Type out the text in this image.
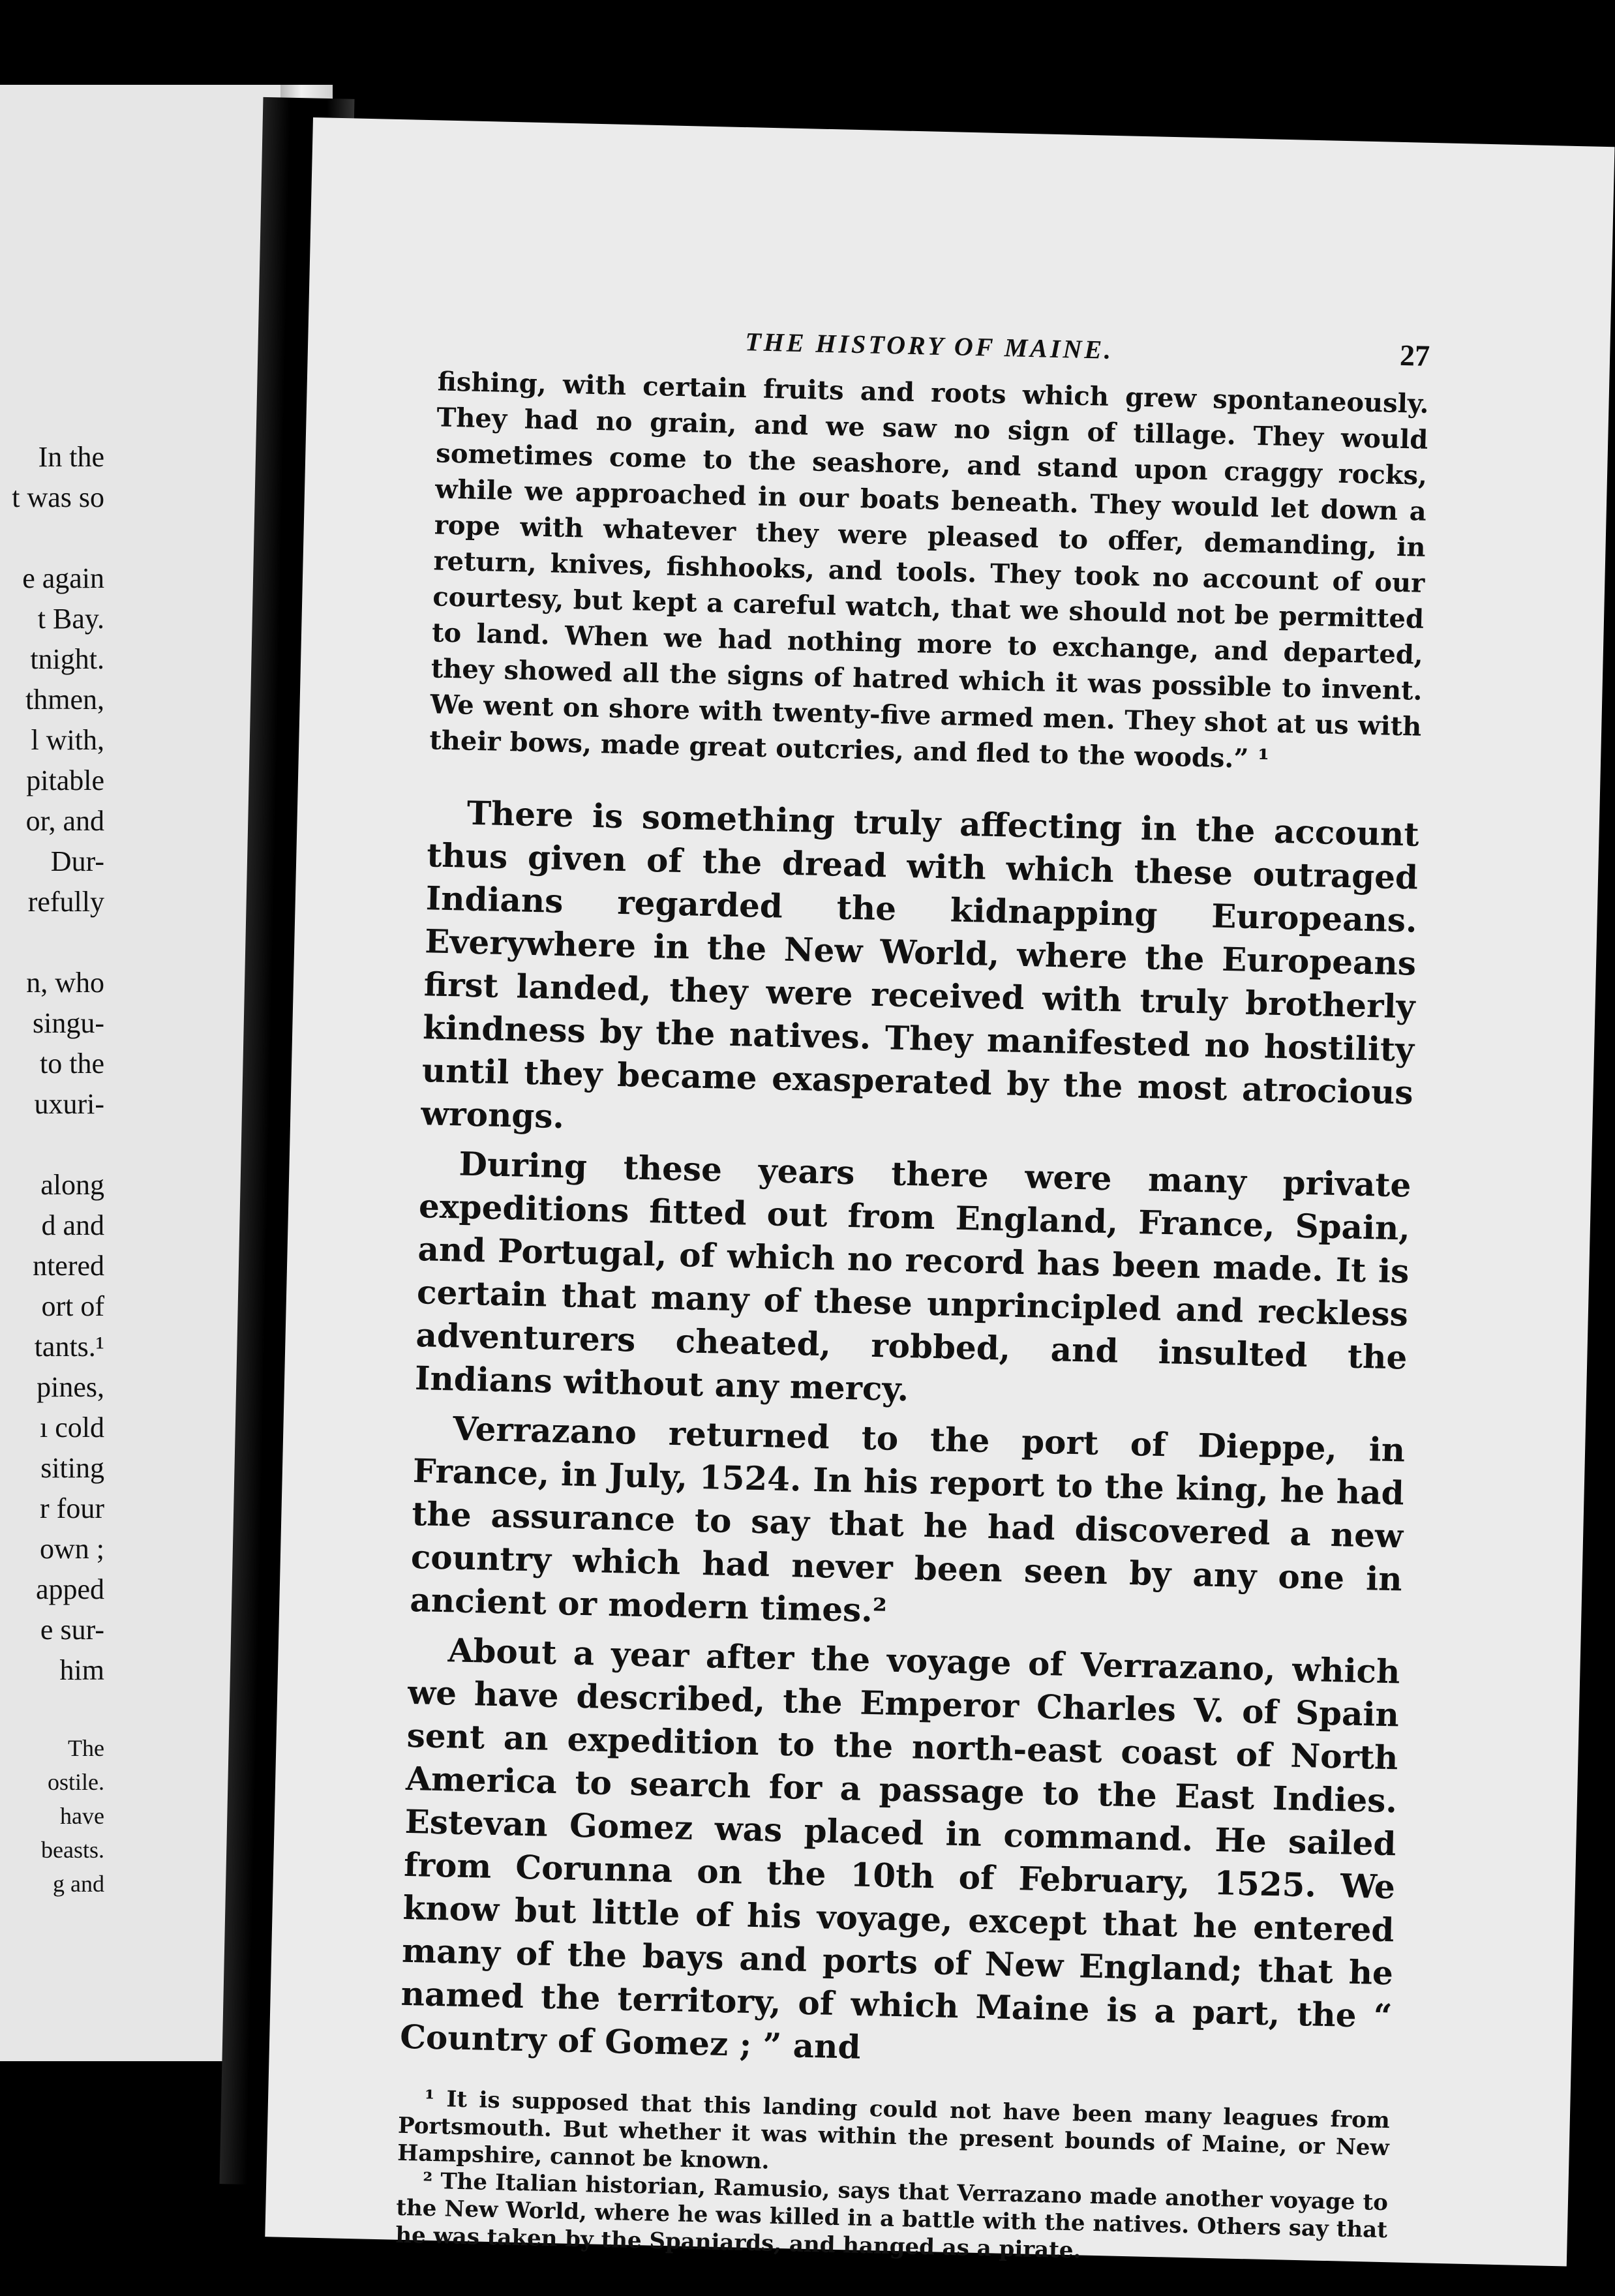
In the
t was so

e again
t Bay.
tnight.
thmen,
l with,
pitable
or, and
Dur-
refully

n, who
singu-
to the
uxuri-

along
d and
ntered
ort of
tants.¹
pines,
ı cold
siting
r four
own ;
apped
e sur-
him

The
ostile.
have
beasts.
g and
THE HISTORY OF MAINE.	27

fishing, with certain fruits and roots which grew spontaneously. They had no grain, and we saw no sign of tillage. They would sometimes come to the seashore, and stand upon craggy rocks, while we approached in our boats beneath. They would let down a rope with whatever they were pleased to offer, demanding, in return, knives, fishhooks, and tools. They took no account of our courtesy, but kept a careful watch, that we should not be permitted to land. When we had nothing more to exchange, and departed, they showed all the signs of hatred which it was possible to invent. We went on shore with twenty-five armed men. They shot at us with their bows, made great outcries, and fled to the woods.” ¹

There is something truly affecting in the account thus given of the dread with which these outraged Indians regarded the kidnapping Europeans. Everywhere in the New World, where the Europeans first landed, they were received with truly brotherly kindness by the natives. They manifested no hostility until they became exasperated by the most atrocious wrongs.

During these years there were many private expeditions fitted out from England, France, Spain, and Portugal, of which no record has been made. It is certain that many of these unprincipled and reckless adventurers cheated, robbed, and insulted the Indians without any mercy.

Verrazano returned to the port of Dieppe, in France, in July, 1524. In his report to the king, he had the assurance to say that he had discovered a new country which had never been seen by any one in ancient or modern times.²

About a year after the voyage of Verrazano, which we have described, the Emperor Charles V. of Spain sent an expedition to the north-east coast of North America to search for a passage to the East Indies. Estevan Gomez was placed in command. He sailed from Corunna on the 10th of February, 1525. We know but little of his voyage, except that he entered many of the bays and ports of New England; that he named the territory, of which Maine is a part, the “ Country of Gomez ; ” and

¹ It is supposed that this landing could not have been many leagues from Portsmouth. But whether it was within the present bounds of Maine, or New Hampshire, cannot be known.

² The Italian historian, Ramusio, says that Verrazano made another voyage to the New World, where he was killed in a battle with the natives. Others say that he was taken by the Spaniards, and hanged as a pirate.
